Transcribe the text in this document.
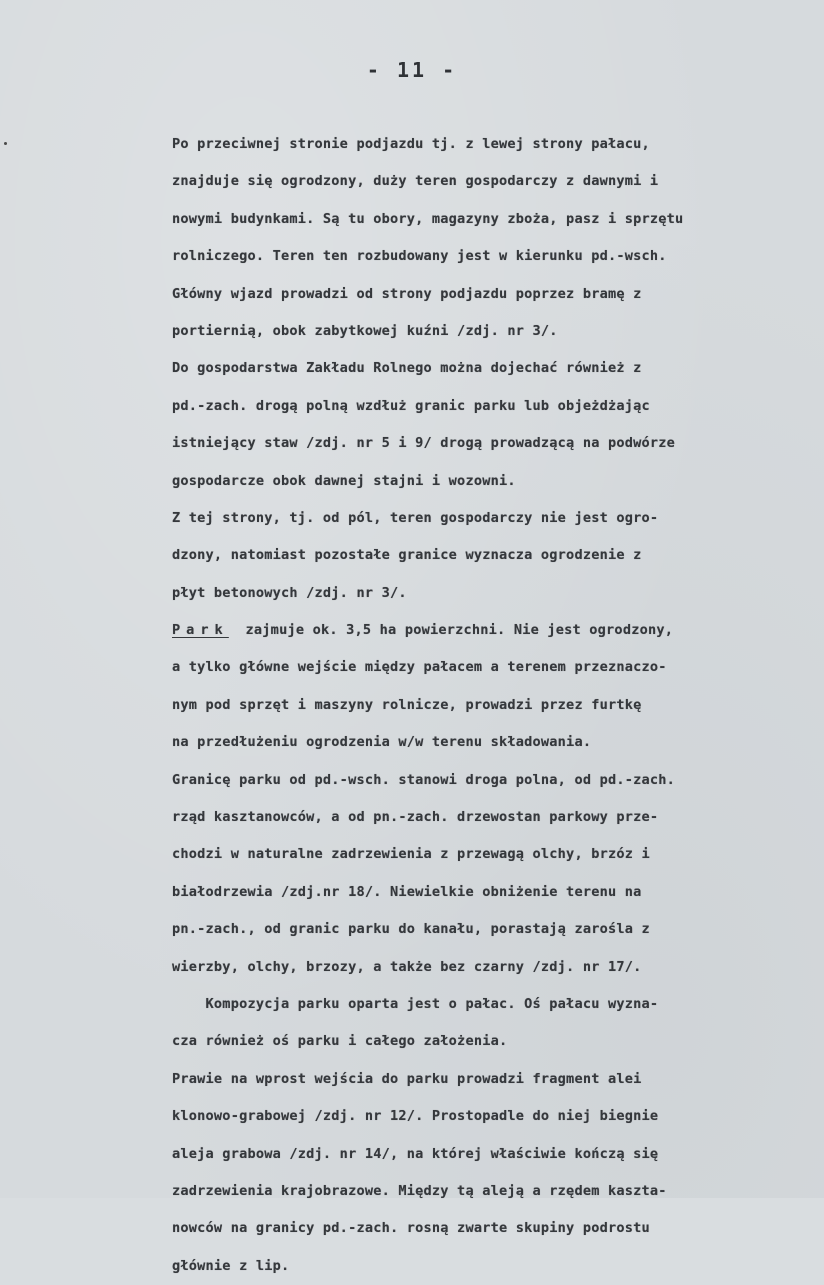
- 11 -
Po przeciwnej stronie podjazdu tj. z lewej strony pałacu,
znajduje się ogrodzony, duży teren gospodarczy z dawnymi i
nowymi budynkami. Są tu obory, magazyny zboża, pasz i sprzętu
rolniczego. Teren ten rozbudowany jest w kierunku pd.-wsch.
Główny wjazd prowadzi od strony podjazdu poprzez bramę z
portiernią, obok zabytkowej kuźni /zdj. nr 3/.
Do gospodarstwa Zakładu Rolnego można dojechać również z
pd.-zach. drogą polną wzdłuż granic parku lub objeżdżając
istniejący staw /zdj. nr 5 i 9/ drogą prowadzącą na podwórze
gospodarcze obok dawnej stajni i wozowni.
Z tej strony, tj. od pól, teren gospodarczy nie jest ogro-
dzony, natomiast pozostałe granice wyznacza ogrodzenie z
płyt betonowych /zdj. nr 3/.
Park zajmuje ok. 3,5 ha powierzchni. Nie jest ogrodzony,
a tylko główne wejście między pałacem a terenem przeznaczo-
nym pod sprzęt i maszyny rolnicze, prowadzi przez furtkę
na przedłużeniu ogrodzenia w/w terenu składowania.
Granicę parku od pd.-wsch. stanowi droga polna, od pd.-zach.
rząd kasztanowców, a od pn.-zach. drzewostan parkowy prze-
chodzi w naturalne zadrzewienia z przewagą olchy, brzóz i
białodrzewia /zdj.nr 18/. Niewielkie obniżenie terenu na
pn.-zach., od granic parku do kanału, porastają zarośla z
wierzby, olchy, brzozy, a także bez czarny /zdj. nr 17/.
Kompozycja parku oparta jest o pałac. Oś pałacu wyzna-
cza również oś parku i całego założenia.
Prawie na wprost wejścia do parku prowadzi fragment alei
klonowo-grabowej /zdj. nr 12/. Prostopadle do niej biegnie
aleja grabowa /zdj. nr 14/, na której właściwie kończą się
zadrzewienia krajobrazowe. Między tą aleją a rzędem kaszta-
nowców na granicy pd.-zach. rosną zwarte skupiny podrostu
głównie z lip.
